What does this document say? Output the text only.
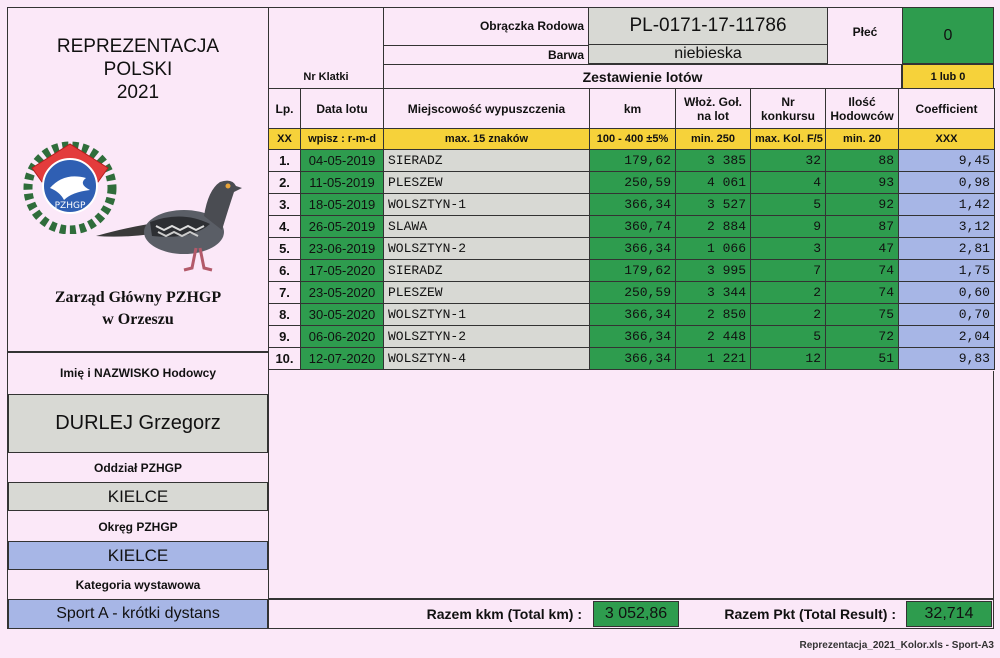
REPREZENTACJA
POLSKI
2021
PZHGP
Zarząd Główny PZHGP
w Orzeszu
Imię i NAZWISKO Hodowcy
DURLEJ Grzegorz
Oddział PZHGP
KIELCE
Okręg PZHGP
KIELCE
Kategoria wystawowa
Sport A - krótki dystans
Nr Klatki
Obrączka Rodowa	PL-0171-17-11786	Płeć	0
Barwa	niebieska
Zestawienie lotów	1 lub 0
Lp.	Data lotu	Miejscowość wypuszczenia	km	Włoż. Goł. na lot	Nr konkursu	Ilość Hodowców	Coefficient
XX	wpisz : r-m-d	max. 15 znaków	100 - 400 ±5%	min. 250	max. Kol. F/5	min. 20	XXX
1.	04-05-2019	SIERADZ	179,62	3 385	32	88	9,45
2.	11-05-2019	PLESZEW	250,59	4 061	4	93	0,98
3.	18-05-2019	WOLSZTYN-1	366,34	3 527	5	92	1,42
4.	26-05-2019	SLAWA	360,74	2 884	9	87	3,12
5.	23-06-2019	WOLSZTYN-2	366,34	1 066	3	47	2,81
6.	17-05-2020	SIERADZ	179,62	3 995	7	74	1,75
7.	23-05-2020	PLESZEW	250,59	3 344	2	74	0,60
8.	30-05-2020	WOLSZTYN-1	366,34	2 850	2	75	0,70
9.	06-06-2020	WOLSZTYN-2	366,34	2 448	5	72	2,04
10.	12-07-2020	WOLSZTYN-4	366,34	1 221	12	51	9,83
Razem kkm (Total km) :	3 052,86	Razem Pkt (Total Result) :	32,714
Reprezentacja_2021_Kolor.xls - Sport-A3
